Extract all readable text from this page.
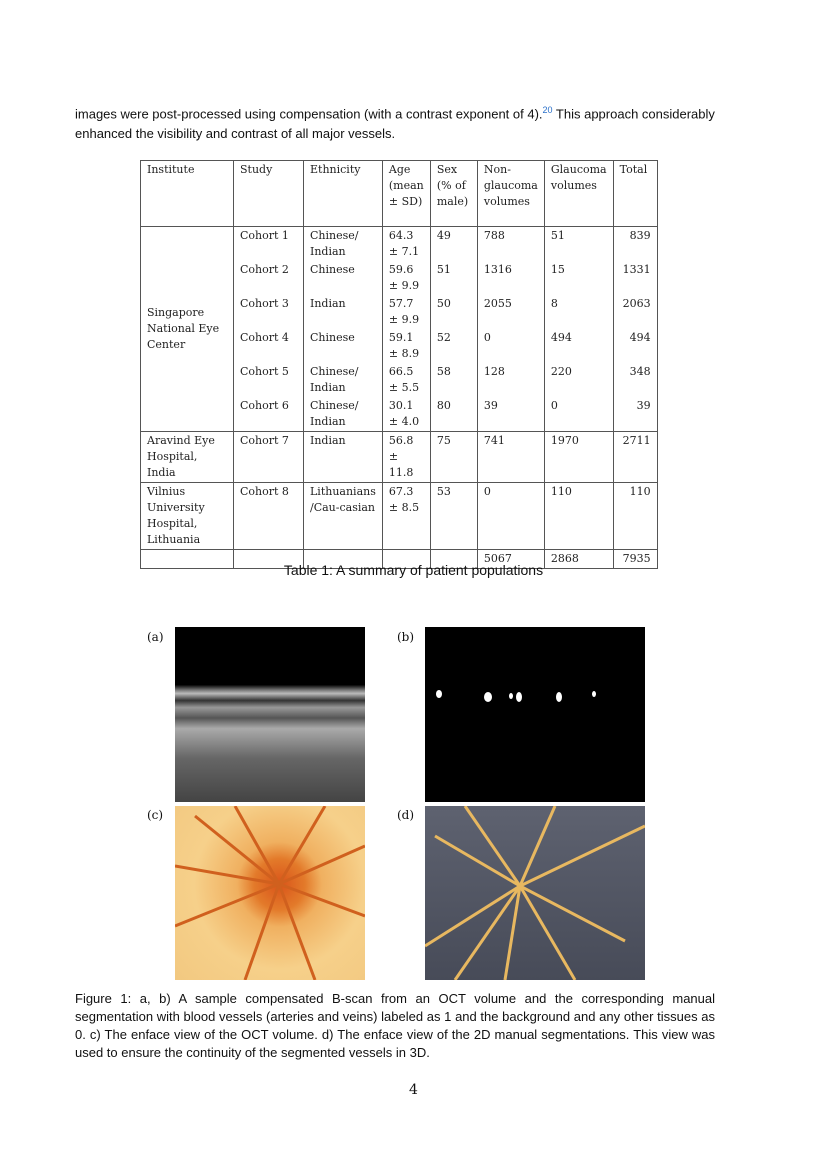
images were post-processed using compensation (with a contrast exponent of 4).$^{20}$ This approach considerably enhanced the visibility and contrast of all major vessels.
Institute	Study	Ethnicity	Age (mean ± SD)	Sex (% of male)	Non-glaucoma volumes	Glaucoma volumes	Total
Singapore National Eye Center	Cohort 1	Chinese/ Indian	64.3 ± 7.1	49	788	51	839
	Cohort 2	Chinese	59.6 ± 9.9	51	1316	15	1331
	Cohort 3	Indian	57.7 ± 9.9	50	2055	8	2063
	Cohort 4	Chinese	59.1 ± 8.9	52	0	494	494
	Cohort 5	Chinese/ Indian	66.5 ± 5.5	58	128	220	348
	Cohort 6	Chinese/ Indian	30.1 ± 4.0	80	39	0	39
Aravind Eye Hospital, India	Cohort 7	Indian	56.8 ± 11.8	75	741	1970	2711
Vilnius University Hospital, Lithuania	Cohort 8	Lithuanians /Cau-casian	67.3 ± 8.5	53	0	110	110
					5067	2868	7935
Table 1: A summary of patient populations
(a)	(b)
(c)	(d)
Figure 1: a, b) A sample compensated B-scan from an OCT volume and the corresponding manual segmentation with blood vessels (arteries and veins) labeled as 1 and the background and any other tissues as 0. c) The enface view of the OCT volume. d) The enface view of the 2D manual segmentations. This view was used to ensure the continuity of the segmented vessels in 3D.
4
